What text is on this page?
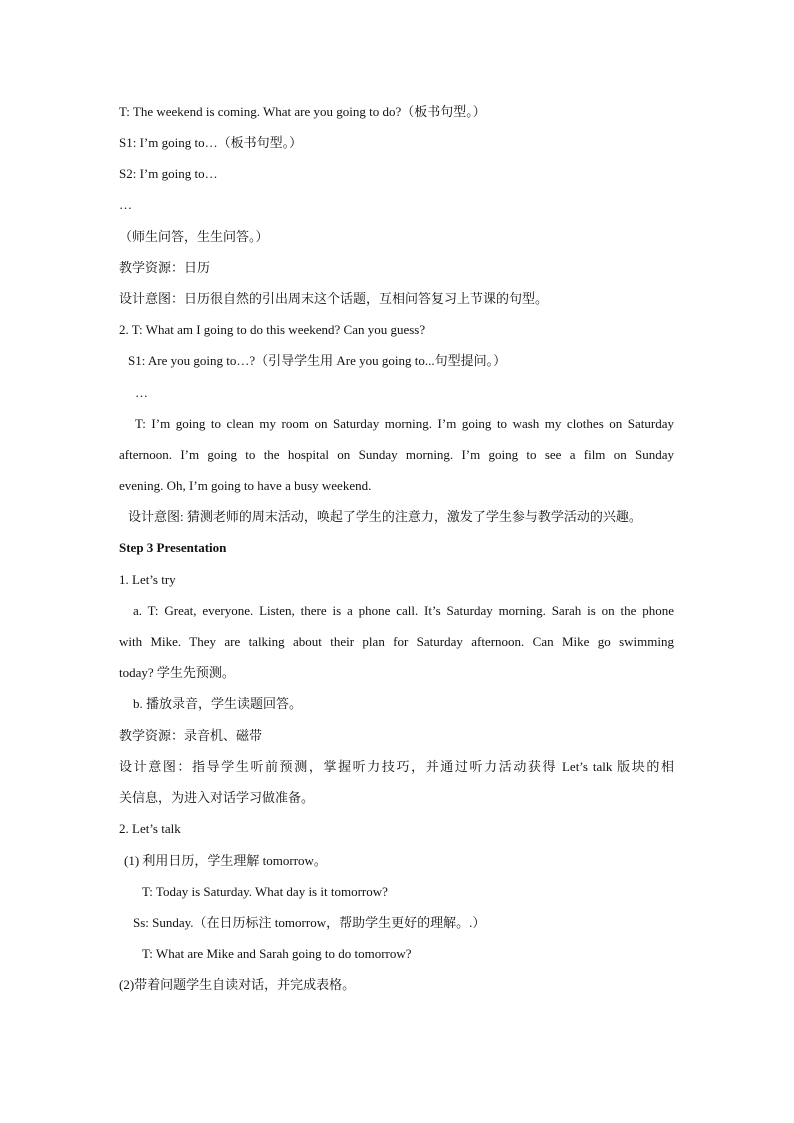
T: The weekend is coming. What are you going to do?（板书句型。）
S1: I’m going to…（板书句型。）
S2: I’m going to…
…
（师生问答，生生问答。）
教学资源：日历
设计意图：日历很自然的引出周末这个话题，互相问答复习上节课的句型。
2. T: What am I going to do this weekend? Can you guess?
S1: Are you going to…?（引导学生用 Are you going to...句型提问。）
…
T: I’m going to clean my room on Saturday morning. I’m going to wash my clothes on Saturday
afternoon. I’m going to the hospital on Sunday morning. I’m going to see a film on Sunday
evening. Oh, I’m going to have a busy weekend.
设计意图: 猜测老师的周末活动，唤起了学生的注意力，激发了学生参与教学活动的兴趣。
Step 3 Presentation
1. Let’s try
a. T: Great, everyone. Listen, there is a phone call. It’s Saturday morning. Sarah is on the phone
with Mike. They are talking about their plan for Saturday afternoon. Can Mike go swimming
today? 学生先预测。
b. 播放录音，学生读题回答。
教学资源：录音机、磁带
设计意图：指导学生听前预测，掌握听力技巧，并通过听力活动获得 Let’s talk 版块的相
关信息，为进入对话学习做准备。
2. Let’s talk
(1) 利用日历，学生理解 tomorrow。
T: Today is Saturday. What day is it tomorrow?
Ss: Sunday.（在日历标注 tomorrow，帮助学生更好的理解。.）
T: What are Mike and Sarah going to do tomorrow?
(2)带着问题学生自读对话，并完成表格。
